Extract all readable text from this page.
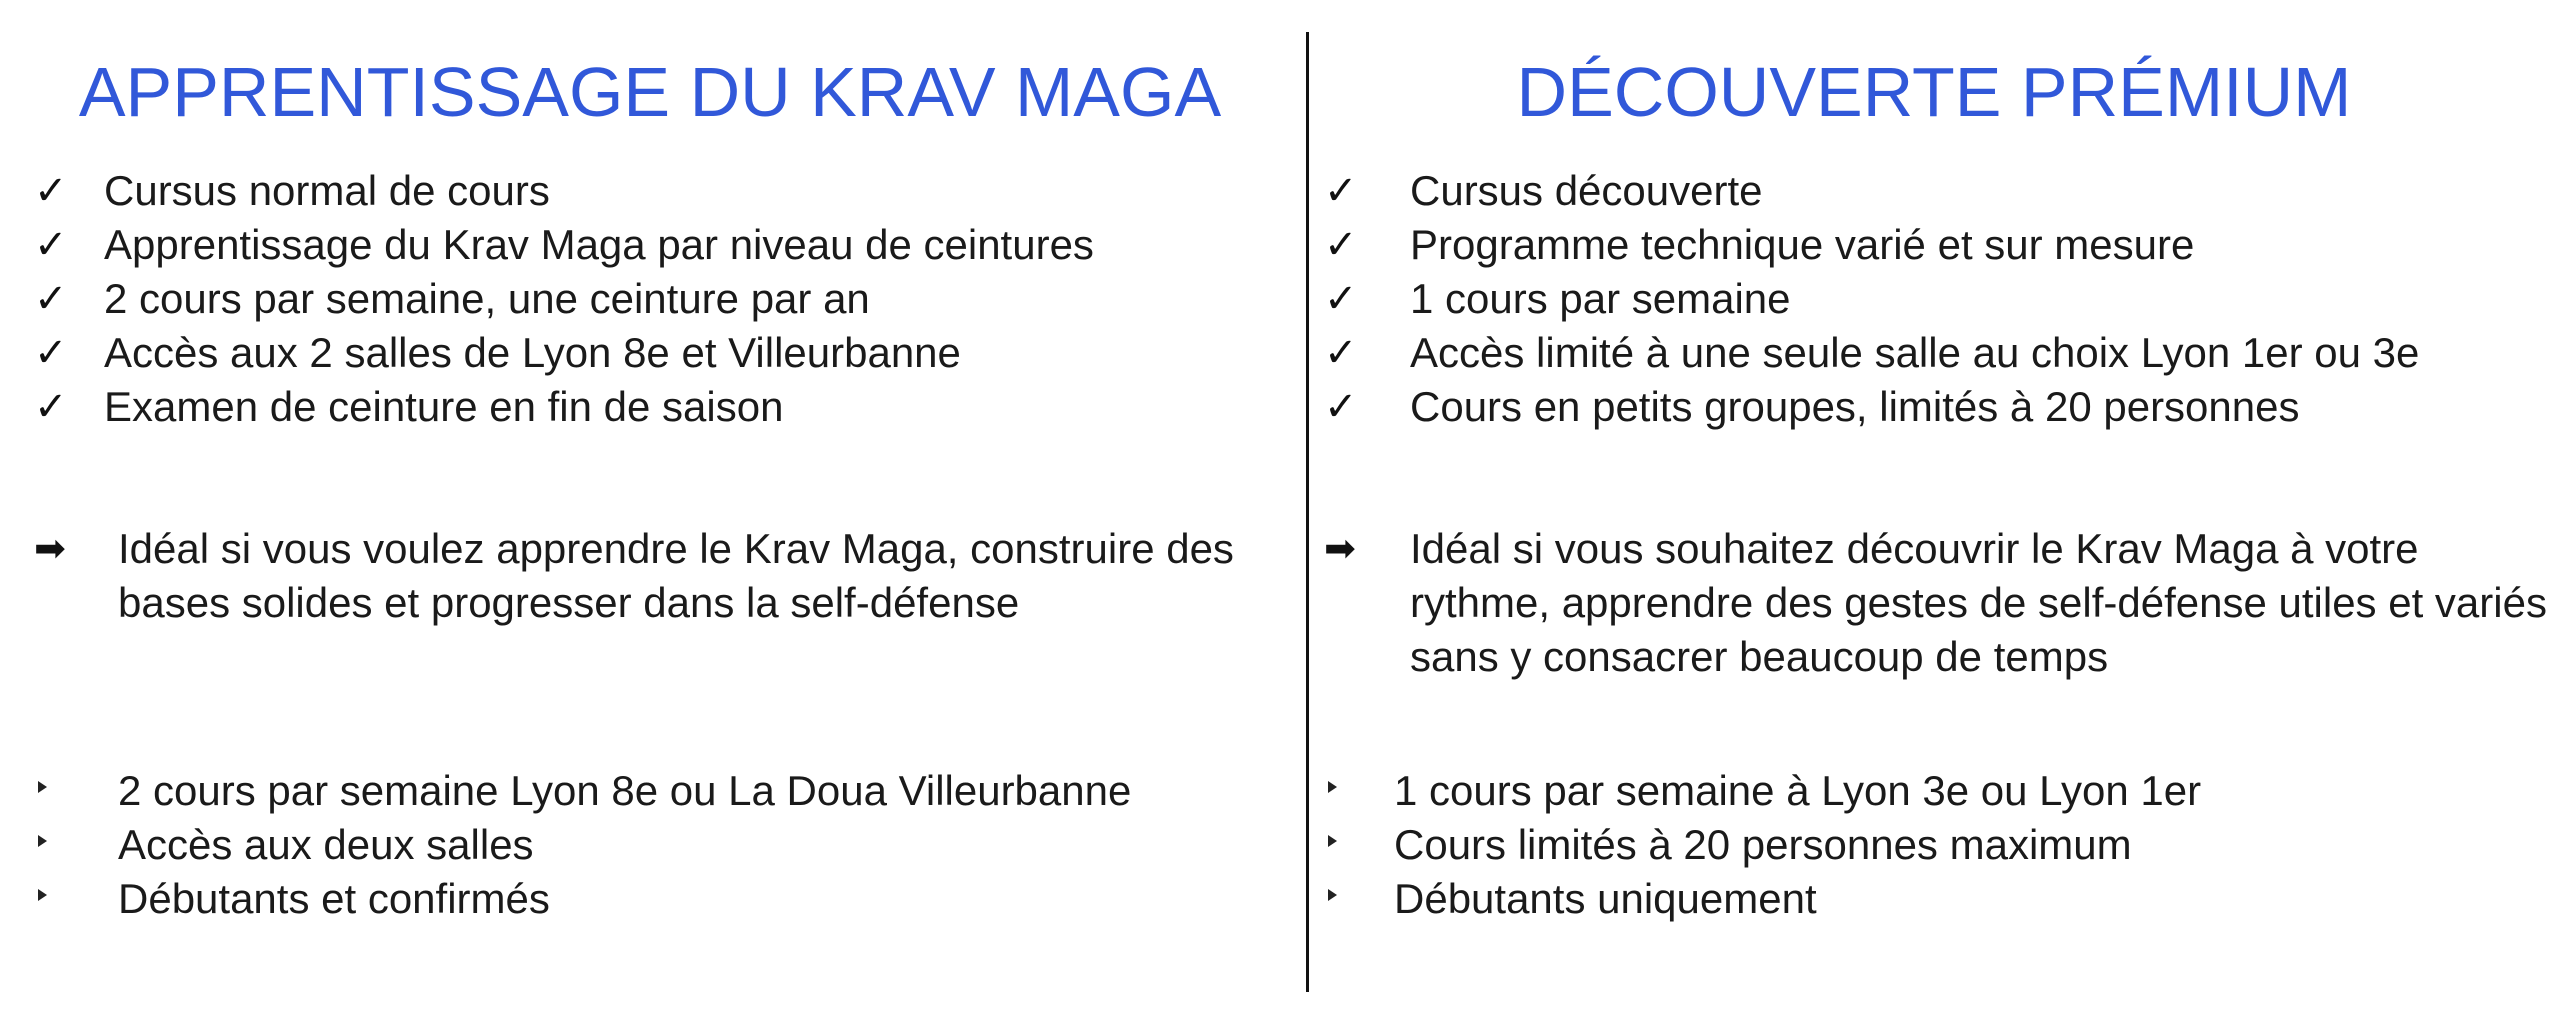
APPRENTISSAGE DU KRAV MAGA
✓ Cursus normal de cours
✓ Apprentissage du Krav Maga par niveau de ceintures
✓ 2 cours par semaine, une ceinture par an
✓ Accès aux 2 salles de Lyon 8e et Villeurbanne
✓ Examen de ceinture en fin de saison
➡ Idéal si vous voulez apprendre le Krav Maga, construire des bases solides et progresser dans la self-défense
2 cours par semaine Lyon 8e ou La Doua Villeurbanne
Accès aux deux salles
Débutants et confirmés
DÉCOUVERTE PRÉMIUM
✓ Cursus découverte
✓ Programme technique varié et sur mesure
✓ 1 cours par semaine
✓ Accès limité à une seule salle au choix Lyon 1er ou 3e
✓ Cours en petits groupes, limités à 20 personnes
➡ Idéal si vous souhaitez découvrir le Krav Maga à votre rythme, apprendre des gestes de self-défense utiles et variés sans y consacrer beaucoup de temps
1 cours par semaine à Lyon 3e ou Lyon 1er
Cours limités à 20 personnes maximum
Débutants uniquement
